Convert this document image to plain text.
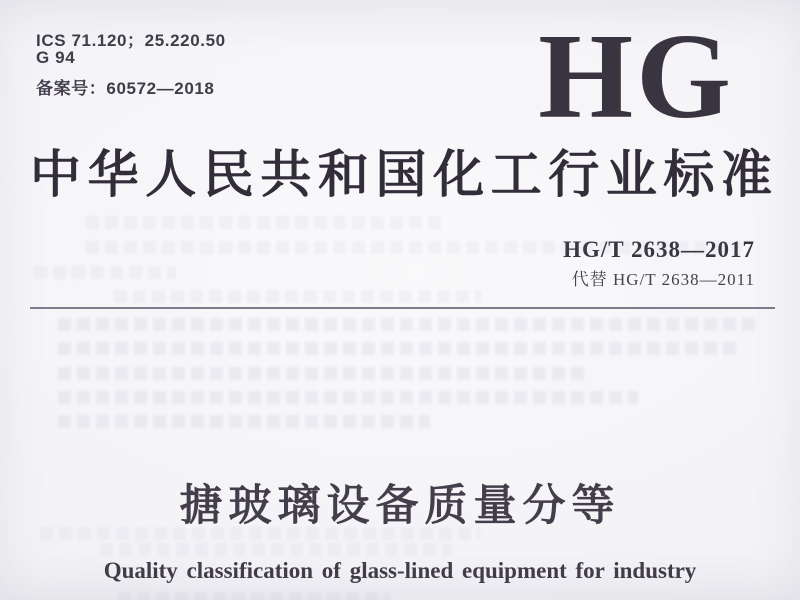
ICS 71.120；25.220.50
G 94
备案号：60572—2018	HG
中华人民共和国化工行业标准
HG/T 2638—2017
代替 HG/T 2638—2011
搪玻璃设备质量分等
Quality classification of glass-lined equipment for industry
